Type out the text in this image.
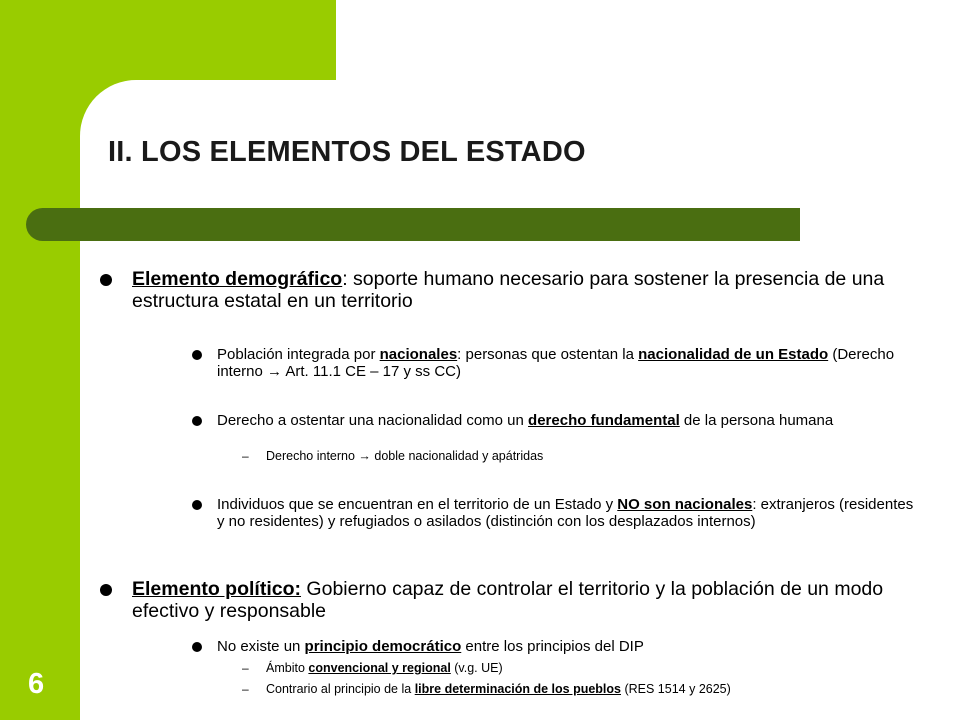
II. LOS ELEMENTOS DEL ESTADO
Elemento demográfico: soporte humano necesario para sostener la presencia de una estructura estatal en un territorio
Población integrada por nacionales: personas que ostentan la nacionalidad de un Estado (Derecho interno → Art. 11.1 CE – 17 y ss CC)
Derecho a ostentar una nacionalidad como un derecho fundamental de la persona humana
– Derecho interno → doble nacionalidad y apátridas
Individuos que se encuentran en el territorio de un Estado y NO son nacionales: extranjeros (residentes y no residentes) y refugiados o asilados (distinción con los desplazados internos)
Elemento político: Gobierno capaz de controlar el territorio y la población de un modo efectivo y responsable
No existe un principio democrático entre los principios del DIP
– Ámbito convencional y regional (v.g. UE)
– Contrario al principio de la libre determinación de los pueblos (RES 1514 y 2625)
6
